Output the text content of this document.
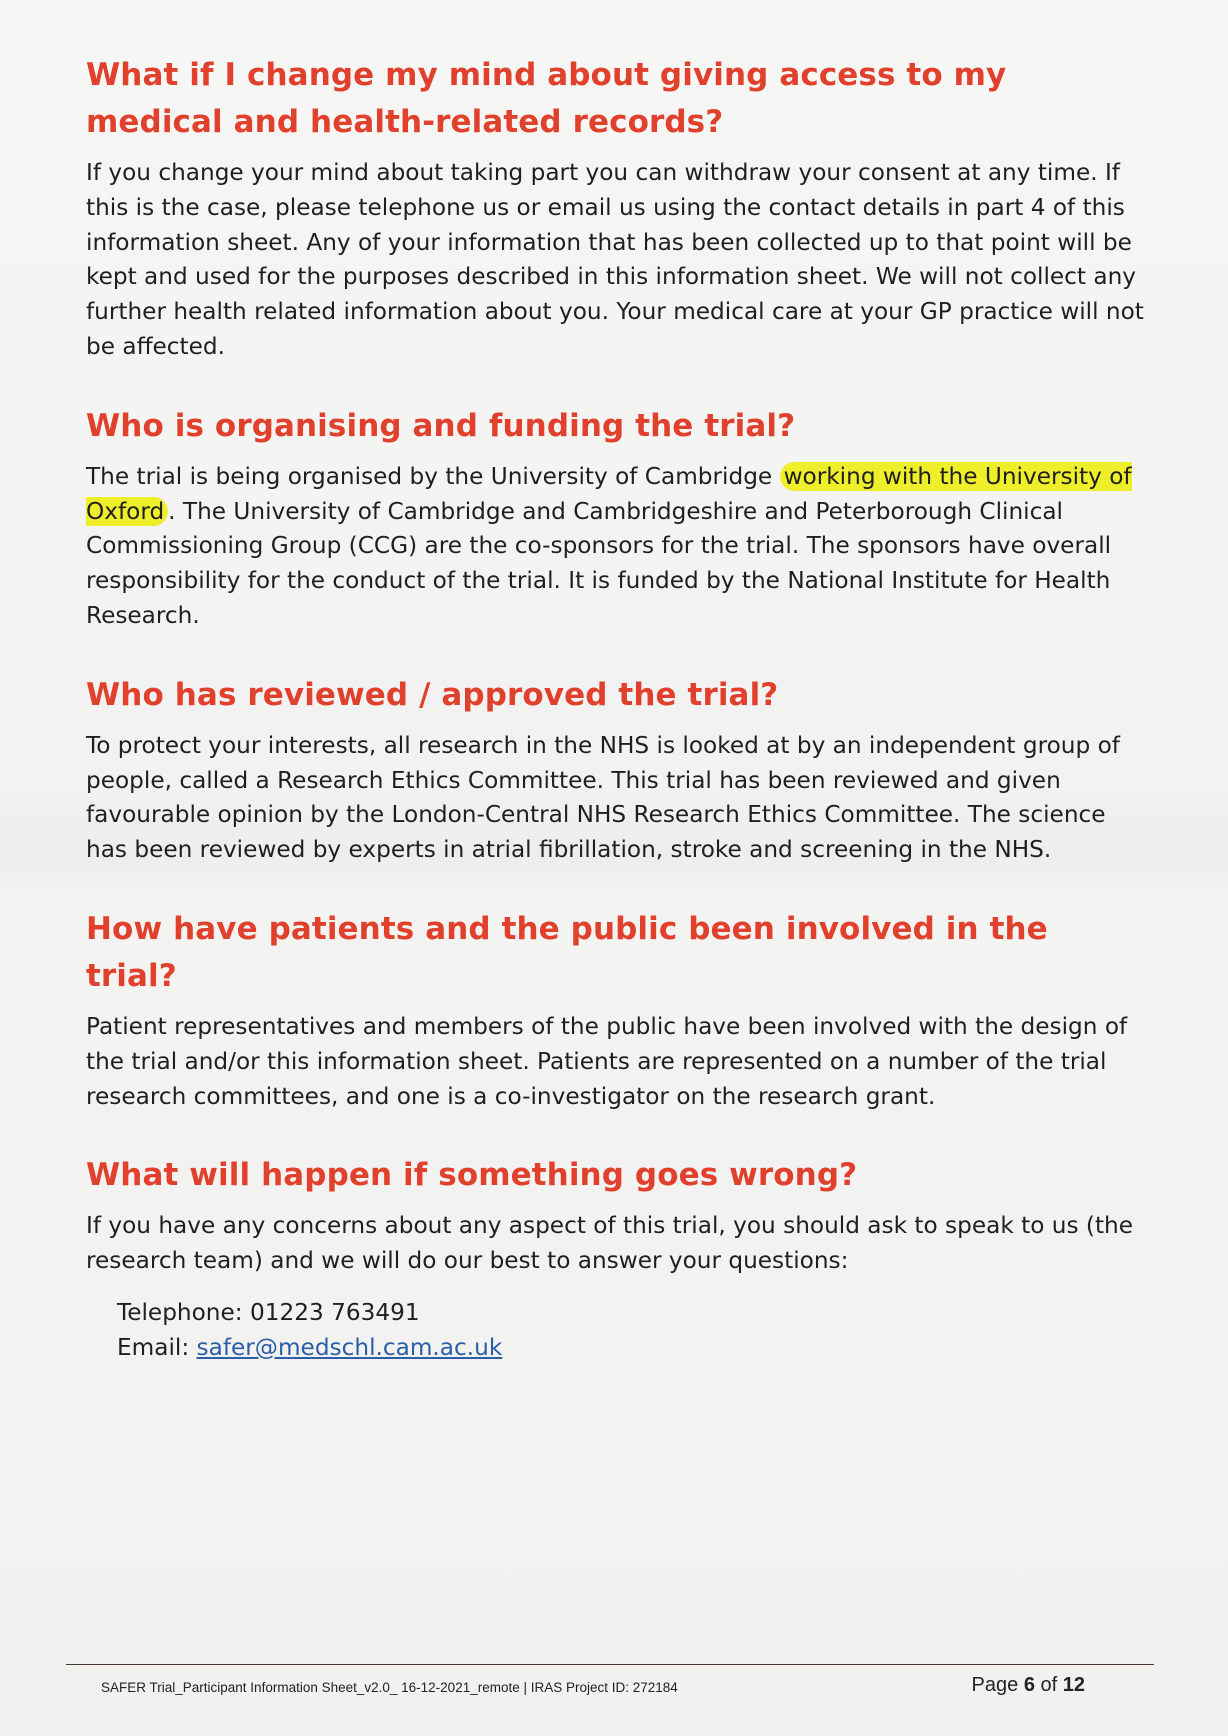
What if I change my mind about giving access to my medical and health-related records?

If you change your mind about taking part you can withdraw your consent at any time. If this is the case, please telephone us or email us using the contact details in part 4 of this information sheet. Any of your information that has been collected up to that point will be kept and used for the purposes described in this information sheet. We will not collect any further health related information about you. Your medical care at your GP practice will not be affected.

Who is organising and funding the trial?

The trial is being organised by the University of Cambridge working with the University of Oxford . The University of Cambridge and Cambridgeshire and Peterborough Clinical Commissioning Group (CCG) are the co-sponsors for the trial. The sponsors have overall responsibility for the conduct of the trial. It is funded by the National Institute for Health Research.

Who has reviewed / approved the trial?

To protect your interests, all research in the NHS is looked at by an independent group of people, called a Research Ethics Committee. This trial has been reviewed and given favourable opinion by the London-Central NHS Research Ethics Committee. The science has been reviewed by experts in atrial fibrillation, stroke and screening in the NHS.

How have patients and the public been involved in the trial?

Patient representatives and members of the public have been involved with the design of the trial and/or this information sheet. Patients are represented on a number of the trial research committees, and one is a co-investigator on the research grant.

What will happen if something goes wrong?

If you have any concerns about any aspect of this trial, you should ask to speak to us (the research team) and we will do our best to answer your questions:

Telephone: 01223 763491
Email: safer@medschl.cam.ac.uk
SAFER Trial_Participant Information Sheet_v2.0_ 16-12-2021_remote | IRAS Project ID: 272184	Page 6 of 12
